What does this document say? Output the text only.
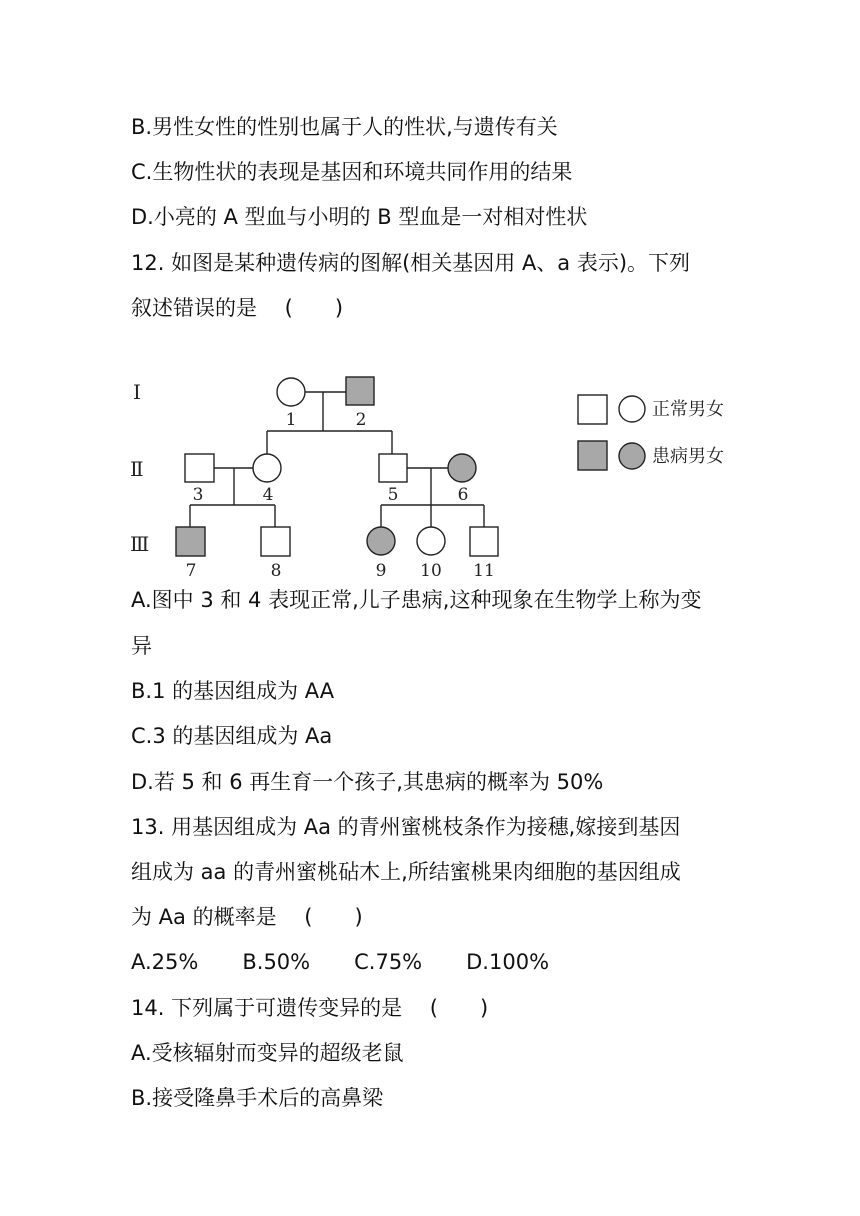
B.男性女性的性别也属于人的性状,与遗传有关
C.生物性状的表现是基因和环境共同作用的结果
D.小亮的 A 型血与小明的 B 型血是一对相对性状
12. 如图是某种遗传病的图解(相关基因用 A、a 表示)。下列
叙述错误的是 　(　　)
Ⅰ
Ⅱ
Ⅲ
1	2
3	4	5	6
7	8	9 10 11
正常男女
患病男女
A.图中 3 和 4 表现正常,儿子患病,这种现象在生物学上称为变
异
B.1 的基因组成为 AA
C.3 的基因组成为 Aa
D.若 5 和 6 再生育一个孩子,其患病的概率为 50%
13. 用基因组成为 Aa 的青州蜜桃枝条作为接穗,嫁接到基因
组成为 aa 的青州蜜桃砧木上,所结蜜桃果肉细胞的基因组成
为 Aa 的概率是 　(　　)
A.25% B.50% C.75% D.100%
14. 下列属于可遗传变异的是 　(　　)
A.受核辐射而变异的超级老鼠
B.接受隆鼻手术后的高鼻梁
